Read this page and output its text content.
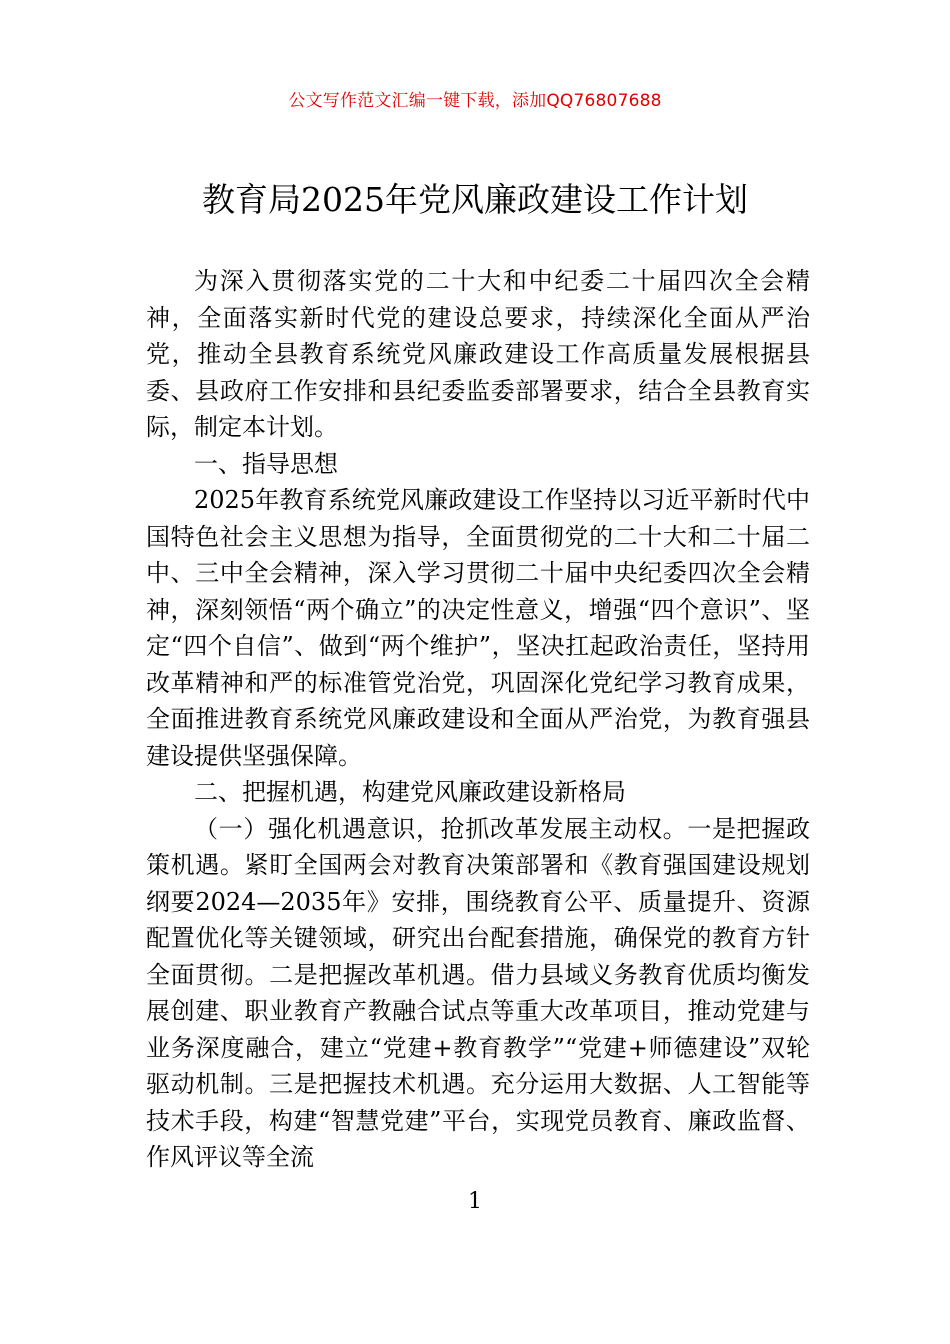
公文写作范文汇编一键下载，添加QQ76807688
教育局2025年党风廉政建设工作计划

为深入贯彻落实党的二十大和中纪委二十届四次全会精神，全面落实新时代党的建设总要求，持续深化全面从严治党，推动全县教育系统党风廉政建设工作高质量发展根据县委、县政府工作安排和县纪委监委部署要求，结合全县教育实际，制定本计划。

一、指导思想

2025年教育系统党风廉政建设工作坚持以习近平新时代中国特色社会主义思想为指导，全面贯彻党的二十大和二十届二中、三中全会精神，深入学习贯彻二十届中央纪委四次全会精神，深刻领悟“两个确立”的决定性意义，增强“四个意识”、坚定“四个自信”、做到“两个维护”，坚决扛起政治责任，坚持用改革精神和严的标准管党治党，巩固深化党纪学习教育成果，全面推进教育系统党风廉政建设和全面从严治党，为教育强县建设提供坚强保障。

二、把握机遇，构建党风廉政建设新格局

（一）强化机遇意识，抢抓改革发展主动权。一是把握政策机遇。紧盯全国两会对教育决策部署和《教育强国建设规划纲要2024—2035年》安排，围绕教育公平、质量提升、资源配置优化等关键领域，研究出台配套措施，确保党的教育方针全面贯彻。二是把握改革机遇。借力县域义务教育优质均衡发展创建、职业教育产教融合试点等重大改革项目，推动党建与业务深度融合，建立“党建+教育教学”“党建+师德建设”双轮驱动机制。三是把握技术机遇。充分运用大数据、人工智能等技术手段，构建“智慧党建”平台，实现党员教育、廉政监督、作风评议等全流

1
